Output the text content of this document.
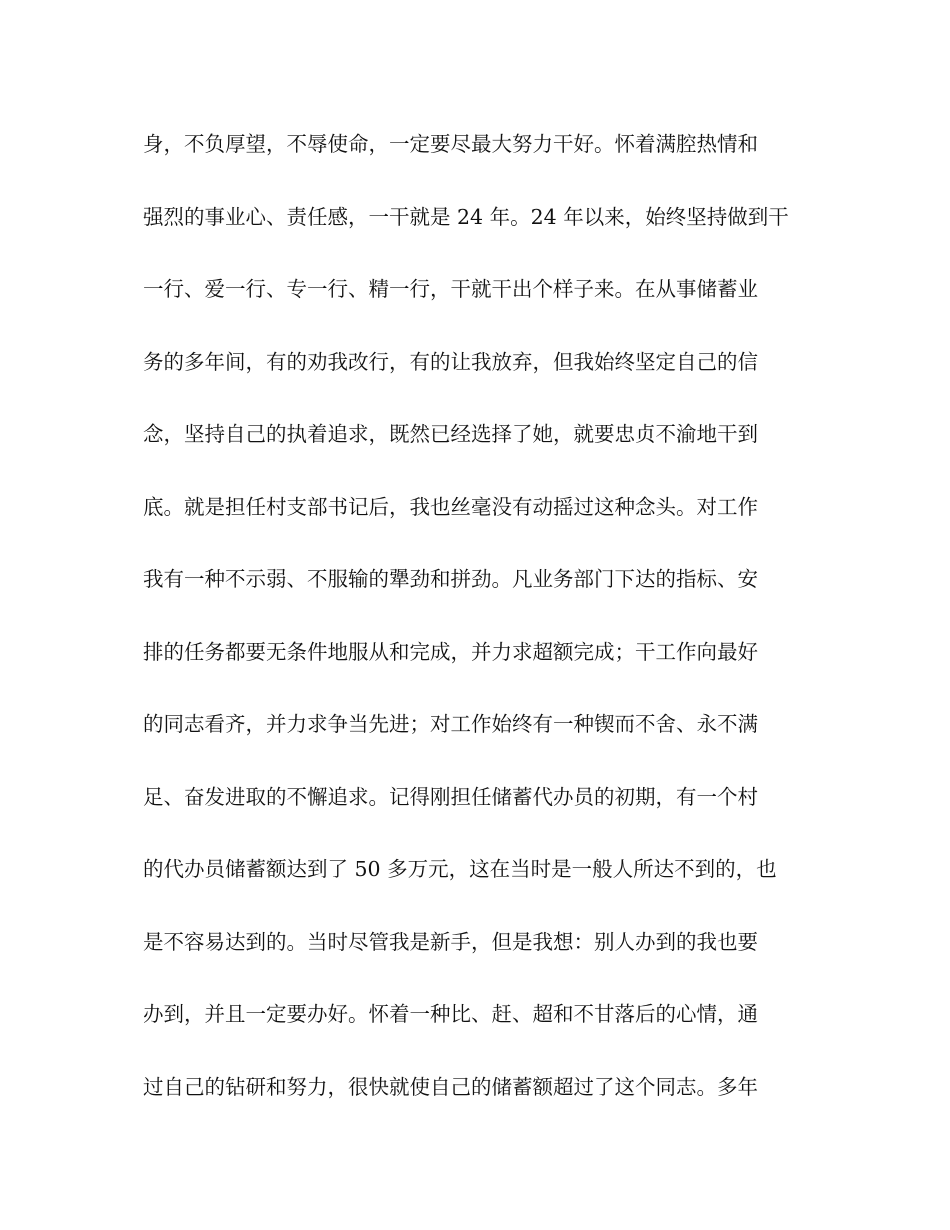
身，不负厚望，不辱使命，一定要尽最大努力干好。怀着满腔热情和
强烈的事业心、责任感，一干就是 24 年。24 年以来，始终坚持做到干
一行、爱一行、专一行、精一行，干就干出个样子来。在从事储蓄业
务的多年间，有的劝我改行，有的让我放弃，但我始终坚定自己的信
念，坚持自己的执着追求，既然已经选择了她，就要忠贞不渝地干到
底。就是担任村支部书记后，我也丝毫没有动摇过这种念头。对工作
我有一种不示弱、不服输的犟劲和拼劲。凡业务部门下达的指标、安
排的任务都要无条件地服从和完成，并力求超额完成；干工作向最好
的同志看齐，并力求争当先进；对工作始终有一种锲而不舍、永不满
足、奋发进取的不懈追求。记得刚担任储蓄代办员的初期，有一个村
的代办员储蓄额达到了 50 多万元，这在当时是一般人所达不到的，也
是不容易达到的。当时尽管我是新手，但是我想：别人办到的我也要
办到，并且一定要办好。怀着一种比、赶、超和不甘落后的心情，通
过自己的钻研和努力，很快就使自己的储蓄额超过了这个同志。多年
